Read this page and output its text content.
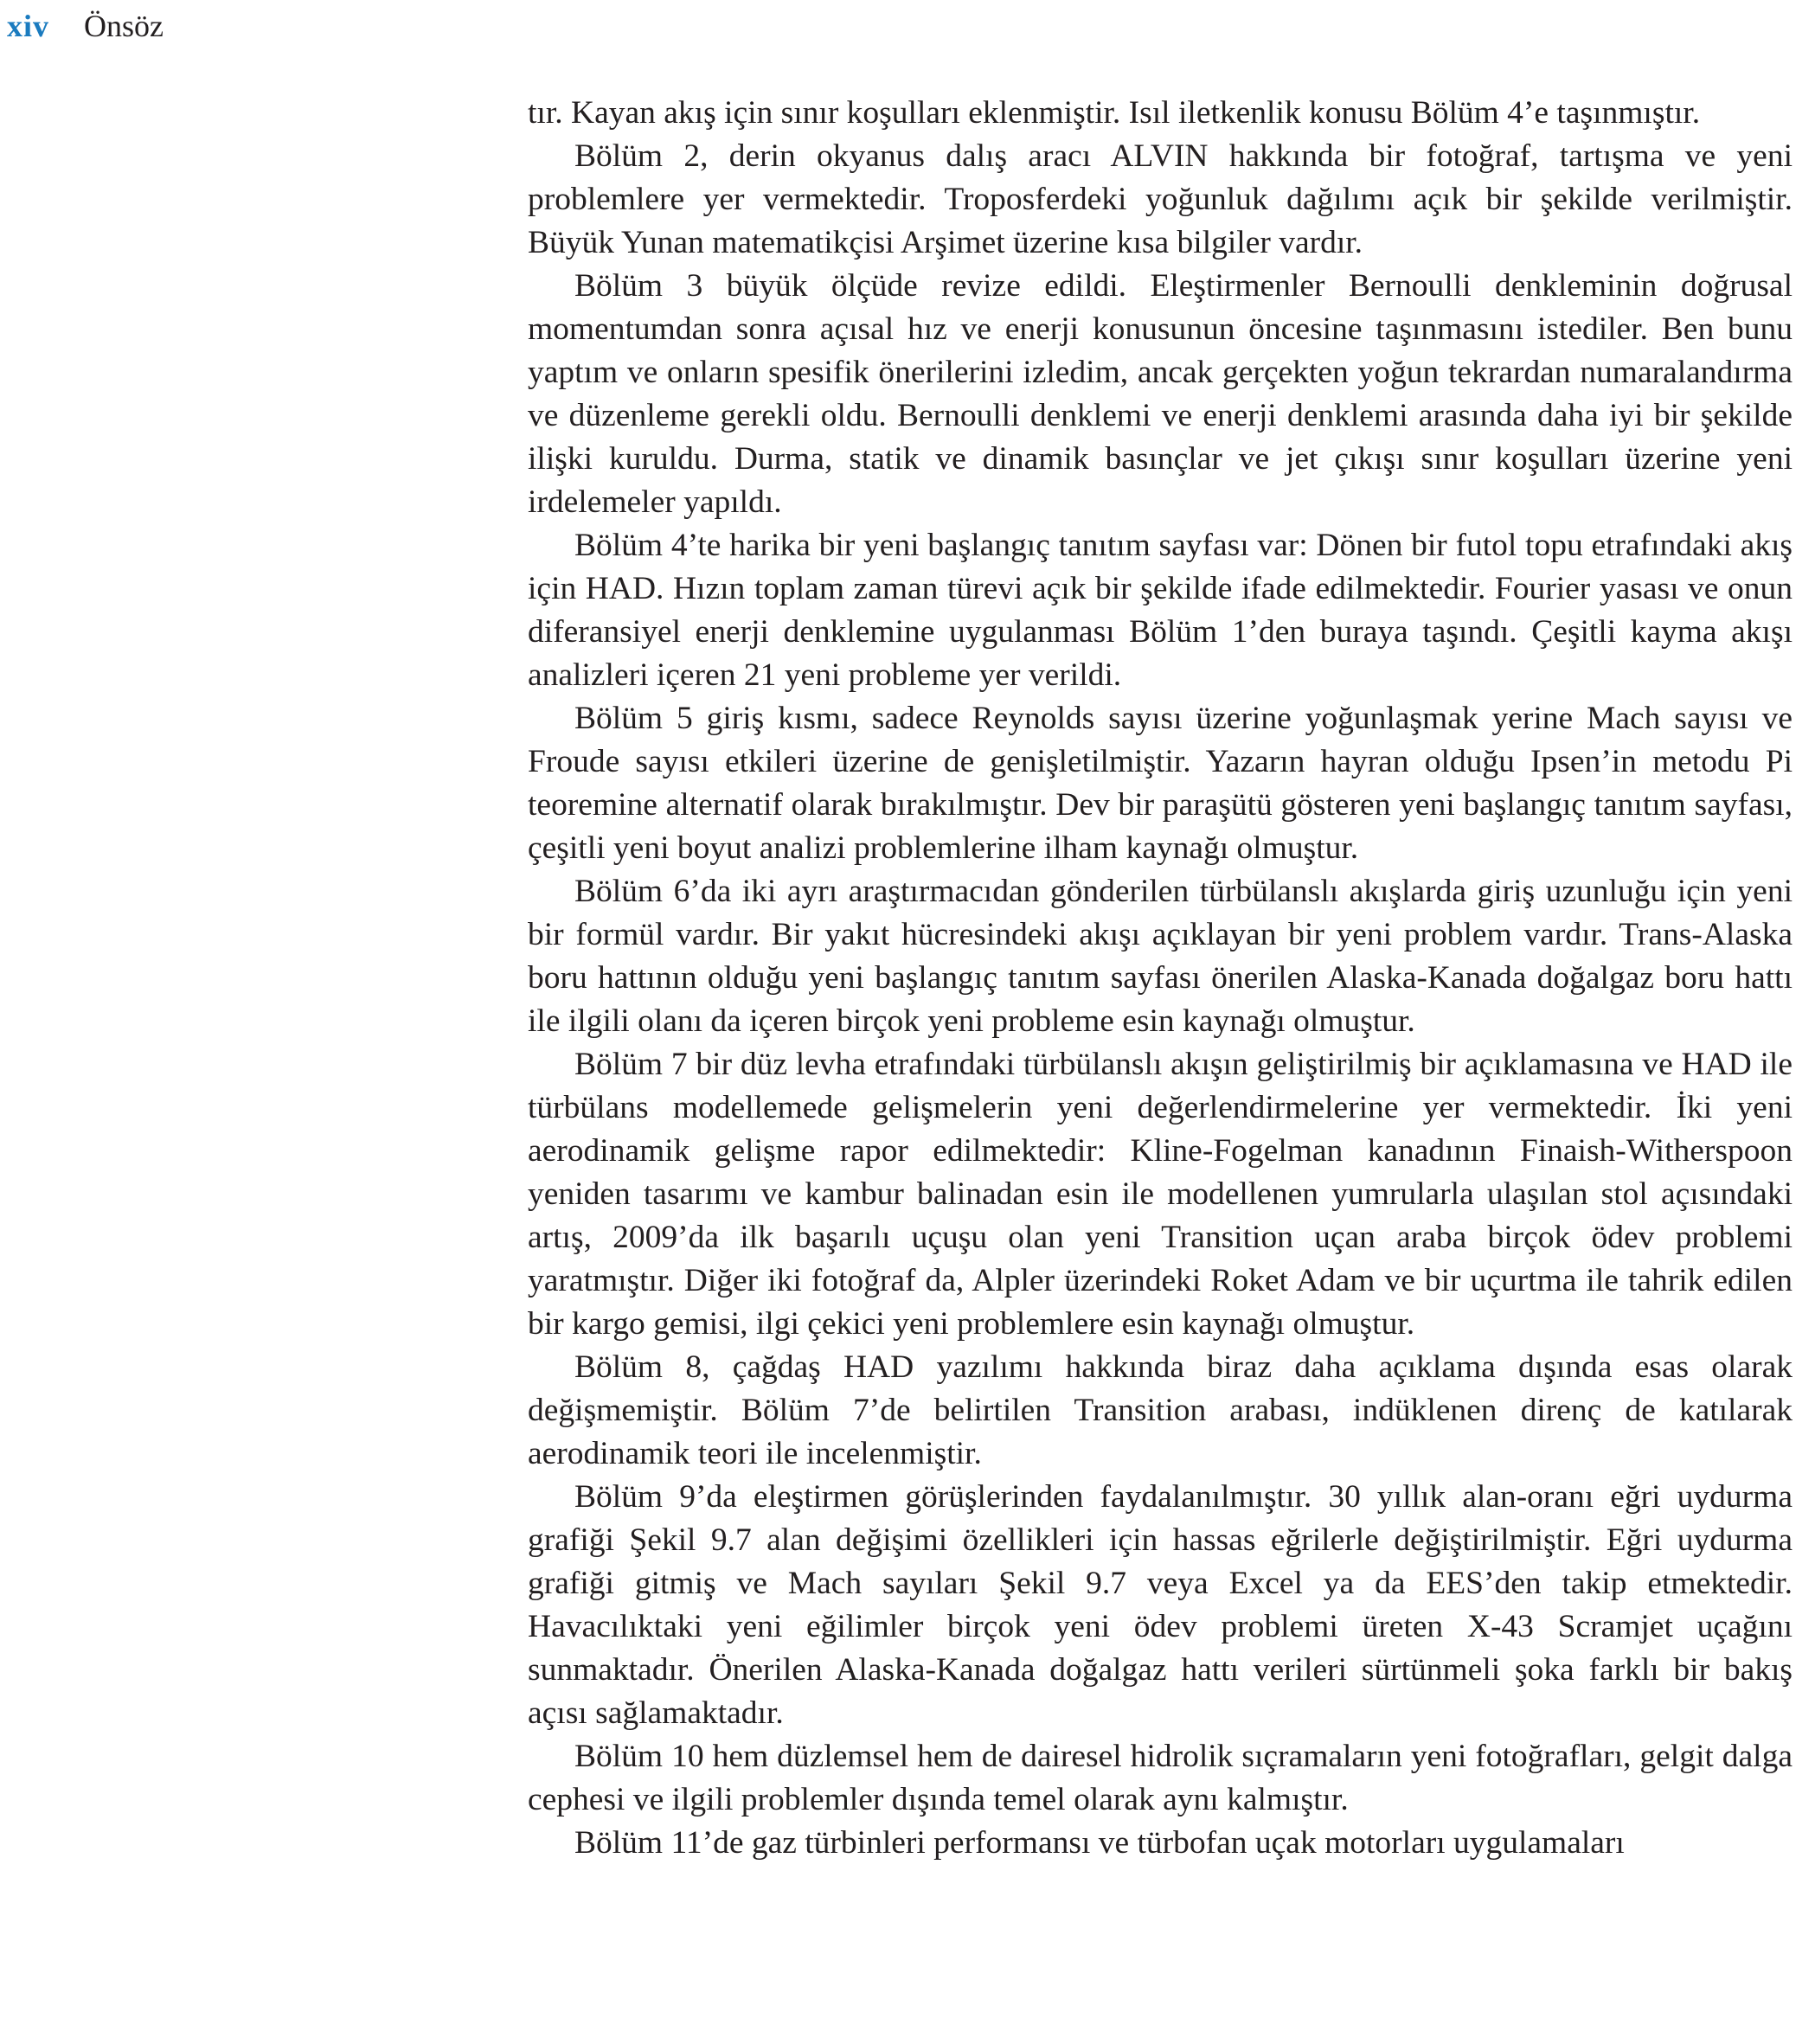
xiv Önsöz

tır. Kayan akış için sınır koşulları eklenmiştir. Isıl iletkenlik konusu Bölüm 4’e taşınmıştır.

Bölüm 2, derin okyanus dalış aracı ALVIN hakkında bir fotoğraf, tartışma ve yeni problemlere yer vermektedir. Troposferdeki yoğunluk dağılımı açık bir şekilde verilmiştir. Büyük Yunan matematikçisi Arşimet üzerine kısa bilgiler vardır.

Bölüm 3 büyük ölçüde revize edildi. Eleştirmenler Bernoulli denkleminin doğrusal momentumdan sonra açısal hız ve enerji konusunun öncesine taşınmasını istediler. Ben bunu yaptım ve onların spesifik önerilerini izledim, ancak gerçekten yoğun tekrardan numaralandırma ve düzenleme gerekli oldu. Bernoulli denklemi ve enerji denklemi arasında daha iyi bir şekilde ilişki kuruldu. Durma, statik ve dinamik basınçlar ve jet çıkışı sınır koşulları üzerine yeni irdelemeler yapıldı.

Bölüm 4’te harika bir yeni başlangıç tanıtım sayfası var: Dönen bir futol topu etrafındaki akış için HAD. Hızın toplam zaman türevi açık bir şekilde ifade edilmektedir. Fourier yasası ve onun diferansiyel enerji denklemine uygulanması Bölüm 1’den buraya taşındı. Çeşitli kayma akışı analizleri içeren 21 yeni probleme yer verildi.

Bölüm 5 giriş kısmı, sadece Reynolds sayısı üzerine yoğunlaşmak yerine Mach sayısı ve Froude sayısı etkileri üzerine de genişletilmiştir. Yazarın hayran olduğu Ipsen’in metodu Pi teoremine alternatif olarak bırakılmıştır. Dev bir paraşütü gösteren yeni başlangıç tanıtım sayfası, çeşitli yeni boyut analizi problemlerine ilham kaynağı olmuştur.

Bölüm 6’da iki ayrı araştırmacıdan gönderilen türbülanslı akışlarda giriş uzunluğu için yeni bir formül vardır. Bir yakıt hücresindeki akışı açıklayan bir yeni problem vardır. Trans-Alaska boru hattının olduğu yeni başlangıç tanıtım sayfası önerilen Alaska-Kanada doğalgaz boru hattı ile ilgili olanı da içeren birçok yeni probleme esin kaynağı olmuştur.

Bölüm 7 bir düz levha etrafındaki türbülanslı akışın geliştirilmiş bir açıklamasına ve HAD ile türbülans modellemede gelişmelerin yeni değerlendirmelerine yer vermektedir. İki yeni aerodinamik gelişme rapor edilmektedir: Kline-Fogelman kanadının Finaish-Witherspoon yeniden tasarımı ve kambur balinadan esin ile modellenen yumrularla ulaşılan stol açısındaki artış, 2009’da ilk başarılı uçuşu olan yeni Transition uçan araba birçok ödev problemi yaratmıştır. Diğer iki fotoğraf da, Alpler üzerindeki Roket Adam ve bir uçurtma ile tahrik edilen bir kargo gemisi, ilgi çekici yeni problemlere esin kaynağı olmuştur.

Bölüm 8, çağdaş HAD yazılımı hakkında biraz daha açıklama dışında esas olarak değişmemiştir. Bölüm 7’de belirtilen Transition arabası, indüklenen direnç de katılarak aerodinamik teori ile incelenmiştir.

Bölüm 9’da eleştirmen görüşlerinden faydalanılmıştır. 30 yıllık alan-oranı eğri uydurma grafiği Şekil 9.7 alan değişimi özellikleri için hassas eğrilerle değiştirilmiştir. Eğri uydurma grafiği gitmiş ve Mach sayıları Şekil 9.7 veya Excel ya da EES’den takip etmektedir. Havacılıktaki yeni eğilimler birçok yeni ödev problemi üreten X-43 Scramjet uçağını sunmaktadır. Önerilen Alaska-Kanada doğalgaz hattı verileri sürtünmeli şoka farklı bir bakış açısı sağlamaktadır.

Bölüm 10 hem düzlemsel hem de dairesel hidrolik sıçramaların yeni fotoğrafları, gelgit dalga cephesi ve ilgili problemler dışında temel olarak aynı kalmıştır.

Bölüm 11’de gaz türbinleri performansı ve türbofan uçak motorları uygulamaları
